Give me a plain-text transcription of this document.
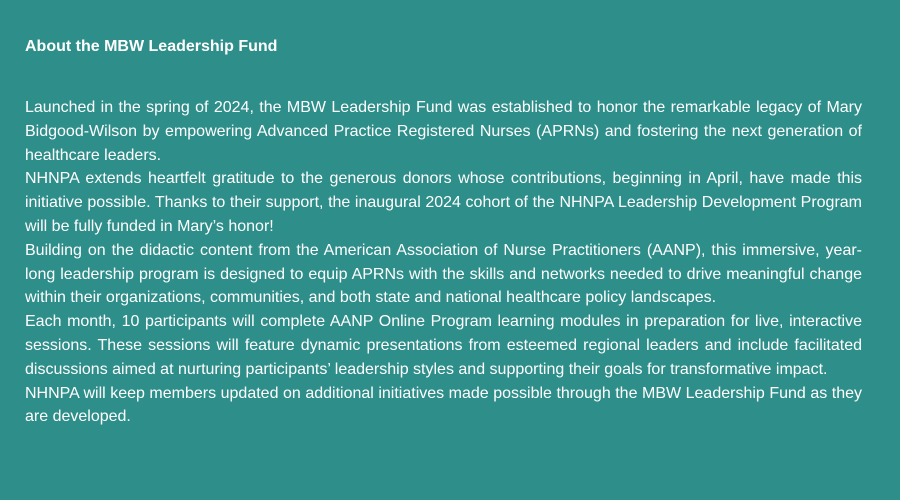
About the MBW Leadership Fund

Launched in the spring of 2024, the MBW Leadership Fund was established to honor the remarkable legacy of Mary Bidgood-Wilson by empowering Advanced Practice Registered Nurses (APRNs) and fostering the next generation of healthcare leaders.

NHNPA extends heartfelt gratitude to the generous donors whose contributions, beginning in April, have made this initiative possible. Thanks to their support, the inaugural 2024 cohort of the NHNPA Leadership Development Program will be fully funded in Mary’s honor!

Building on the didactic content from the American Association of Nurse Practitioners (AANP), this immersive, year-long leadership program is designed to equip APRNs with the skills and networks needed to drive meaningful change within their organizations, communities, and both state and national healthcare policy landscapes.

Each month, 10 participants will complete AANP Online Program learning modules in preparation for live, interactive sessions. These sessions will feature dynamic presentations from esteemed regional leaders and include facilitated discussions aimed at nurturing participants’ leadership styles and supporting their goals for transformative impact.

NHNPA will keep members updated on additional initiatives made possible through the MBW Leadership Fund as they are developed.
